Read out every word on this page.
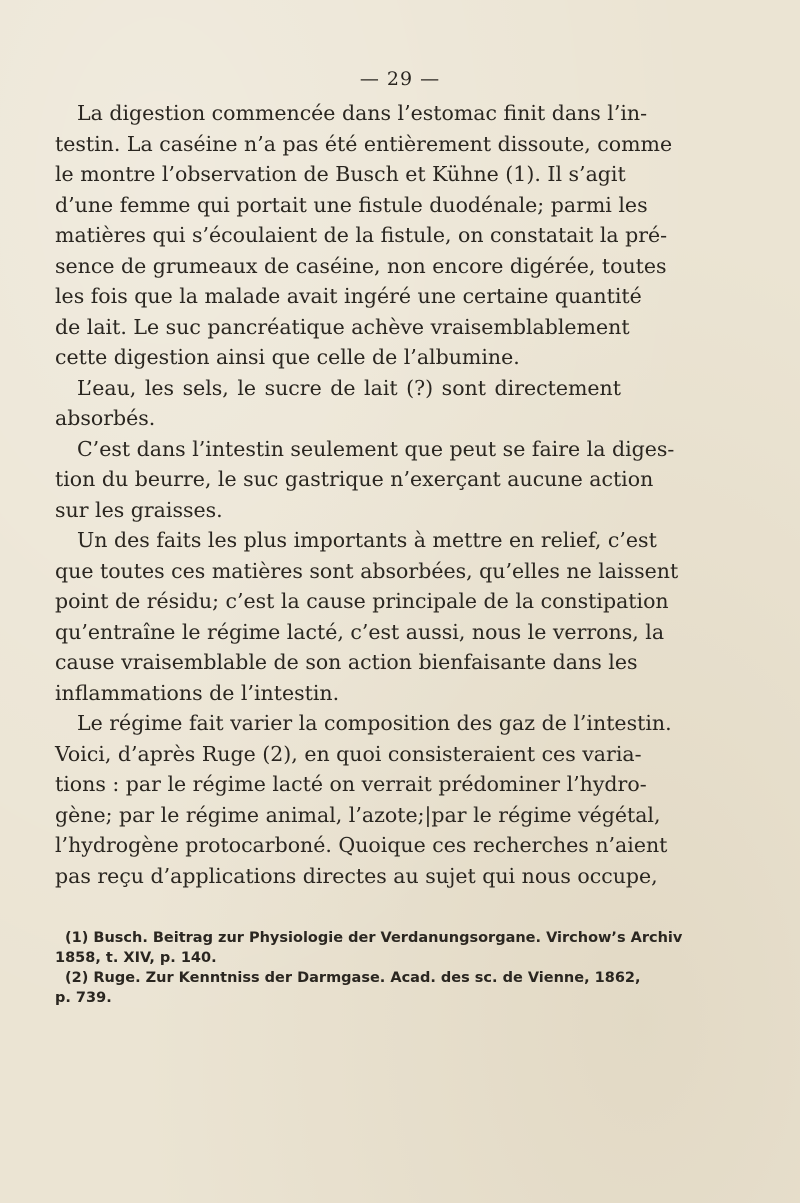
— 29 —
La digestion commencée dans l’estomac finit dans l’in-
testin. La caséine n’a pas été entièrement dissoute, comme
le montre l’observation de Busch et Kühne (1). Il s’agit
d’une femme qui portait une fistule duodénale; parmi les
matières qui s’écoulaient de la fistule, on constatait la pré-
sence de grumeaux de caséine, non encore digérée, toutes
les fois que la malade avait ingéré une certaine quantité
de lait. Le suc pancréatique achève vraisemblablement
cette digestion ainsi que celle de l’albumine.
L’eau, les sels, le sucre de lait (?) sont directement
absorbés.
C’est dans l’intestin seulement que peut se faire la diges-
tion du beurre, le suc gastrique n’exerçant aucune action
sur les graisses.
Un des faits les plus importants à mettre en relief, c’est
que toutes ces matières sont absorbées, qu’elles ne laissent
point de résidu; c’est la cause principale de la constipation
qu’entraîne le régime lacté, c’est aussi, nous le verrons, la
cause vraisemblable de son action bienfaisante dans les
inflammations de l’intestin.
Le régime fait varier la composition des gaz de l’intestin.
Voici, d’après Ruge (2), en quoi consisteraient ces varia-
tions : par le régime lacté on verrait prédominer l’hydro-
gène; par le régime animal, l’azote;|par le régime végétal,
l’hydrogène protocarboné. Quoique ces recherches n’aient
pas reçu d’applications directes au sujet qui nous occupe,
(1) Busch. Beitrag zur Physiologie der Verdanungsorgane. Virchow’s Archiv
1858, t. XIV, p. 140.
(2) Ruge. Zur Kenntniss der Darmgase. Acad. des sc. de Vienne, 1862,
p. 739.
